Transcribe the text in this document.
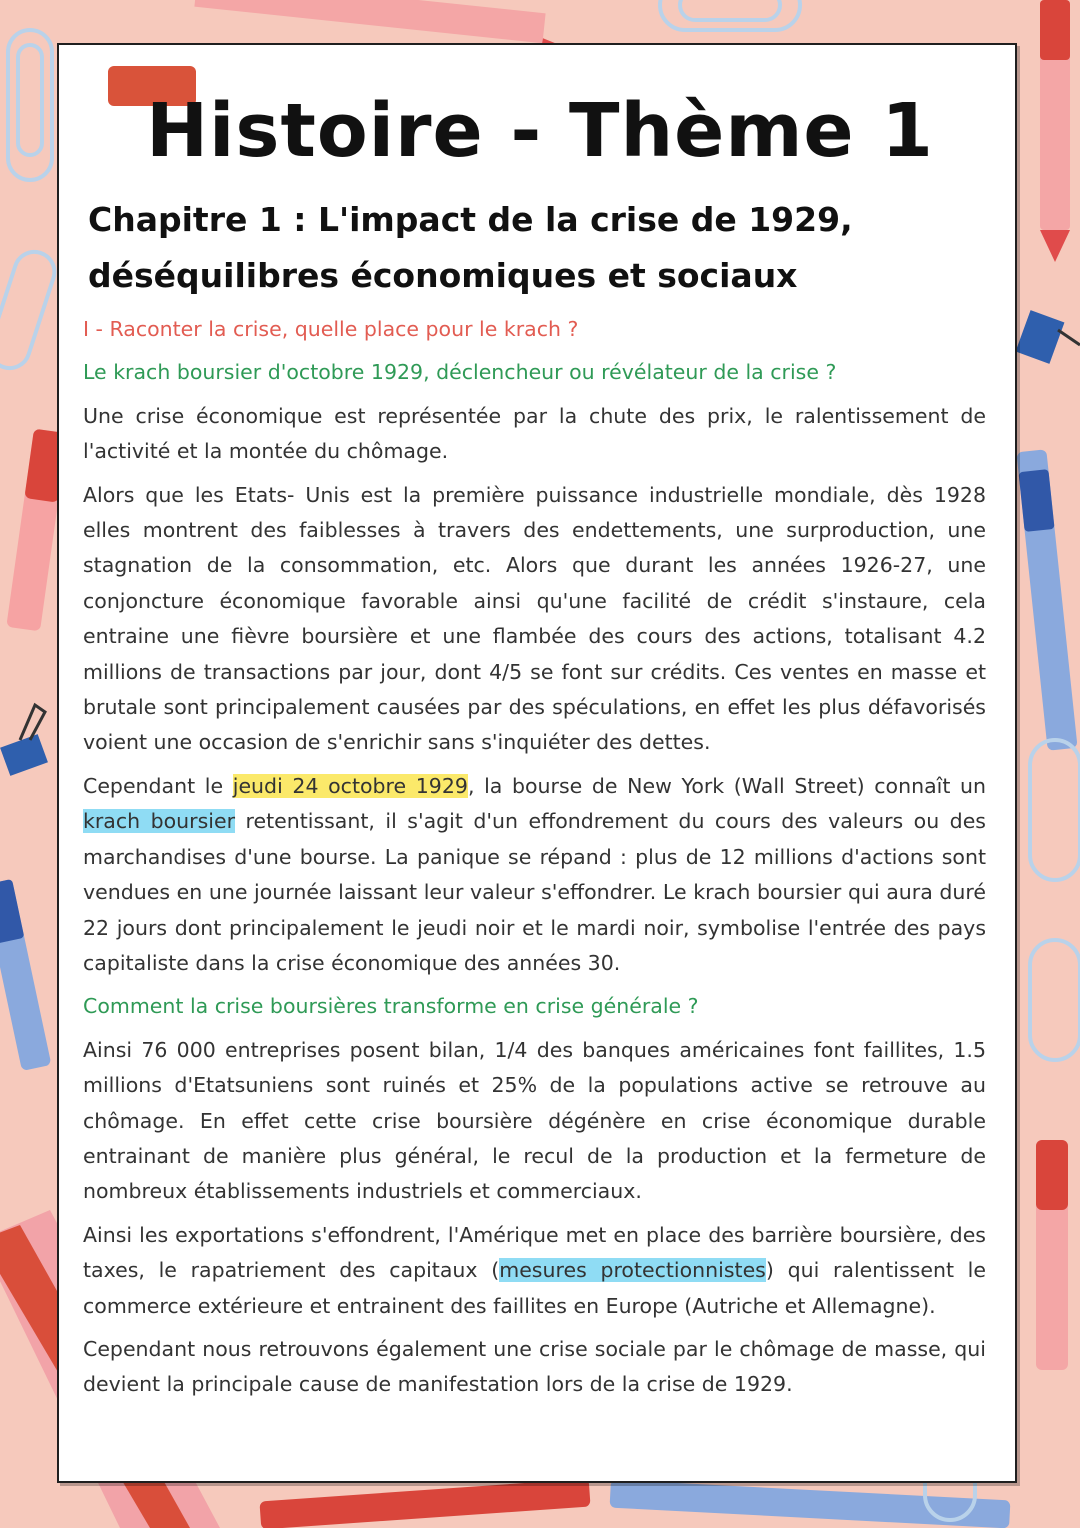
Histoire - Thème 1
Chapitre 1 : L'impact de la crise de 1929, déséquilibres économiques et sociaux

I - Raconter la crise, quelle place pour le krach ?

Le krach boursier d'octobre 1929, déclencheur ou révélateur de la crise ?

Une crise économique est représentée par la chute des prix, le ralentissement de l'activité et la montée du chômage.

Alors que les Etats- Unis est la première puissance industrielle mondiale, dès 1928 elles montrent des faiblesses à travers des endettements, une surproduction, une stagnation de la consommation, etc. Alors que durant les années 1926-27, une conjoncture économique favorable ainsi qu'une facilité de crédit s'instaure, cela entraine une fièvre boursière et une flambée des cours des actions, totalisant 4.2 millions de transactions par jour, dont 4/5 se font sur crédits. Ces ventes en masse et brutale sont principalement causées par des spéculations, en effet les plus défavorisés voient une occasion de s'enrichir sans s'inquiéter des dettes.

Cependant le jeudi 24 octobre 1929, la bourse de New York (Wall Street) connaît un krach boursier retentissant, il s'agit d'un effondrement du cours des valeurs ou des marchandises d'une bourse. La panique se répand : plus de 12 millions d'actions sont vendues en une journée laissant leur valeur s'effondrer. Le krach boursier qui aura duré 22 jours dont principalement le jeudi noir et le mardi noir, symbolise l'entrée des pays capitaliste dans la crise économique des années 30.

Comment la crise boursières transforme en crise générale ?

Ainsi 76 000 entreprises posent bilan, 1/4 des banques américaines font faillites, 1.5 millions d'Etatsuniens sont ruinés et 25% de la populations active se retrouve au chômage. En effet cette crise boursière dégénère en crise économique durable entrainant de manière plus général, le recul de la production et la fermeture de nombreux établissements industriels et commerciaux.

Ainsi les exportations s'effondrent, l'Amérique met en place des barrière boursière, des taxes, le rapatriement des capitaux (mesures protectionnistes) qui ralentissent le commerce extérieure et entrainent des faillites en Europe (Autriche et Allemagne).

Cependant nous retrouvons également une crise sociale par le chômage de masse, qui devient la principale cause de manifestation lors de la crise de 1929.
